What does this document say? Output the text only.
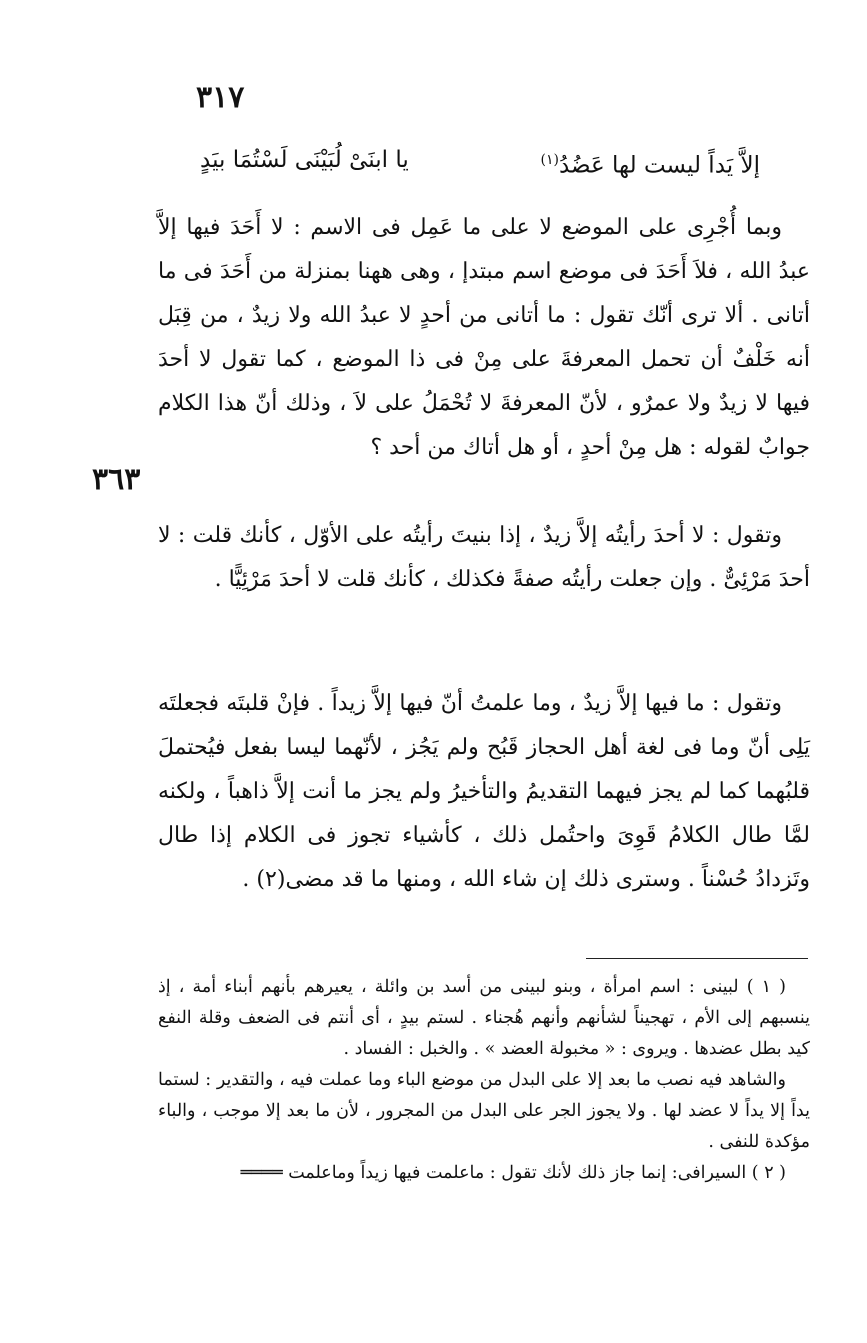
٣١٧
إلاَّ يَداً ليست لها عَضُدُ$^{(١)}$
يا ابنَىْ لُبَيْنَى لَسْتُمَا بيَدٍ

وبما أُجْرِى على الموضع لا على ما عَمِل فى الاسم : لا أَحَدَ فيها إلاَّ عبدُ الله ، فلاَ أَحَدَ فى موضع اسم مبتدإ ، وهى ههنا بمنزلة من أَحَدَ فى ما أتانى . ألا ترى أنّك تقول : ما أتانى من أحدٍ لا عبدُ الله ولا زيدٌ ، من قِبَل أنه خَلْفٌ أن تحمل المعرفةَ على مِنْ فى ذا الموضع ، كما تقول لا أحدَ فيها لا زيدٌ ولا عمرٌو ، لأنّ المعرفةَ لا تُحْمَلُ على لاَ ، وذلك أنّ هذا الكلام جوابٌ لقوله : هل مِنْ أحدٍ ، أو هل أتاك من أحد ؟

٣٦٣

وتقول : لا أحدَ رأيتُه إلاَّ زيدٌ ، إذا بنيتَ رأيتُه على الأوّل ، كأنك قلت : لا أحدَ مَرْئِىٌّ . وإن جعلت رأيتُه صفةً فكذلك ، كأنك قلت لا أحدَ مَرْئِيًّا .

وتقول : ما فيها إلاَّ زيدٌ ، وما علمتُ أنّ فيها إلاَّ زيداً . فإنْ قلبتَه فجعلتَه يَلِى أنّ وما فى لغة أهل الحجاز قَبُح ولم يَجُز ، لأنّهما ليسا بفعل فيُحتملَ قلبُهما كما لم يجز فيهما التقديمُ والتأخيرُ ولم يجز ما أنت إلاَّ ذاهباً ، ولكنه لمَّا طال الكلامُ قَوِىَ واحتُمل ذلك ، كأشياء تجوز فى الكلام إذا طال وتَزدادُ حُسْناً . وسترى ذلك إن شاء الله ، ومنها ما قد مضى(٢) .

( ١ ) لبينى : اسم امرأة ، وبنو لبينى من أسد بن وائلة ، يعيرهم بأنهم أبناء أمة ، إذ ينسبهم إلى الأم ، تهجيناً لشأنهم وأنهم هُجناء . لستم بيدٍ ، أى أنتم فى الضعف وقلة النفع كيد بطل عضدها . ويروى : « مخبولة العضد » . والخبل : الفساد .

والشاهد فيه نصب ما بعد إلا على البدل من موضع الباء وما عملت فيه ، والتقدير : لستما يداً إلا يداً لا عضد لها . ولا يجوز الجر على البدل من المجرور ، لأن ما بعد إلا موجب ، والباء مؤكدة للنفى .

( ٢ ) السيرافى: إنما جاز ذلك لأنك تقول : ماعلمت فيها زيداً وماعلمت ════
